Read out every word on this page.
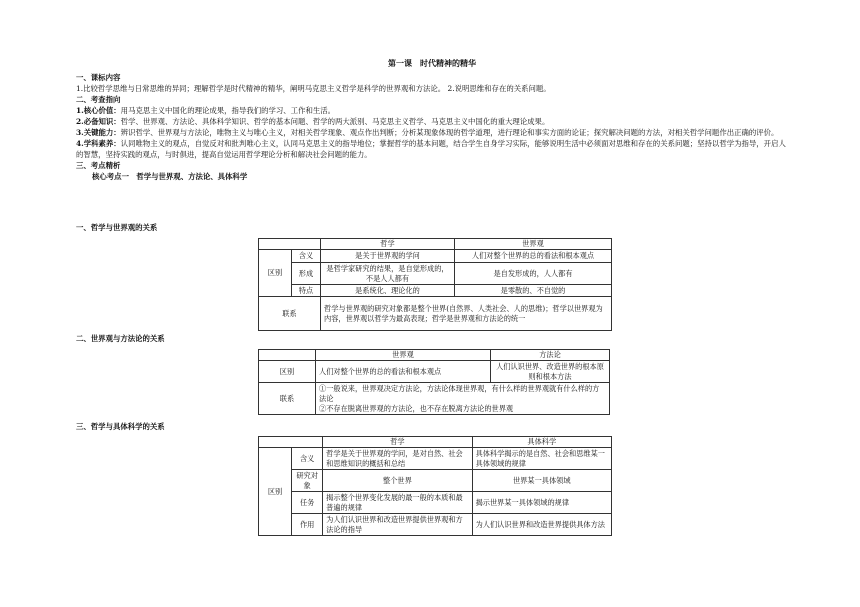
第一课　时代精神的精华
一、课标内容
1.比较哲学思维与日常思维的异同；理解哲学是时代精神的精华，阐明马克思主义哲学是科学的世界观和方法论。 2.说明思维和存在的关系问题。
二、考查指向
1.核心价值：用马克思主义中国化的理论成果，指导我们的学习、工作和生活。
2.必备知识：哲学、世界观、方法论、具体科学知识、哲学的基本问题、哲学的两大派别、马克思主义哲学、马克思主义中国化的重大理论成果。
3.关键能力：辨识哲学、世界观与方法论，唯物主义与唯心主义，对相关哲学现象、观点作出判断；分析某现象体现的哲学道理，进行理论和事实方面的论证；探究解决问题的方法，对相关哲学问题作出正确的评价。
4.学科素养：认同唯物主义的观点，自觉反对和批判唯心主义，认同马克思主义的指导地位；掌握哲学的基本问题，结合学生自身学习实际，能够说明生活中必须面对思维和存在的关系问题；坚持以哲学为指导，开启人的智慧，坚持实践的观点，与时俱进，提高自觉运用哲学理论分析和解决社会问题的能力。
三、考点精析
核心考点一　哲学与世界观、方法论、具体科学
一、哲学与世界观的关系
		哲学	世界观
区别	含义	是关于世界观的学问	人们对整个世界的总的看法和根本观点
	形成	是哲学家研究的结果，是自觉形成的，不是人人都有	是自发形成的，人人都有
	特点	是系统化、理论化的	是零散的、不自觉的
联系		哲学与世界观的研究对象都是整个世界(自然界、人类社会、人的思维)；哲学以世界观为内容，世界观以哲学为最高表现；哲学是世界观和方法论的统一	
二、世界观与方法论的关系
	世界观	方法论
区别	人们对整个世界的总的看法和根本观点	人们认识世界、改造世界的根本原则和根本方法
联系	①一般说来，世界观决定方法论，方法论体现世界观，有什么样的世界观就有什么样的方法论
②不存在脱离世界观的方法论，也不存在脱离方法论的世界观	
三、哲学与具体科学的关系
		哲学	具体科学
区别	含义	哲学是关于世界观的学问，是对自然、社会和思维知识的概括和总结	具体科学揭示的是自然、社会和思维某一具体领域的规律
	研究对象	整个世界	世界某一具体领域
	任务	揭示整个世界变化发展的最一般的本质和最普遍的规律	揭示世界某一具体领域的规律
	作用	为人们认识世界和改造世界提供世界观和方法论的指导	为人们认识世界和改造世界提供具体方法
